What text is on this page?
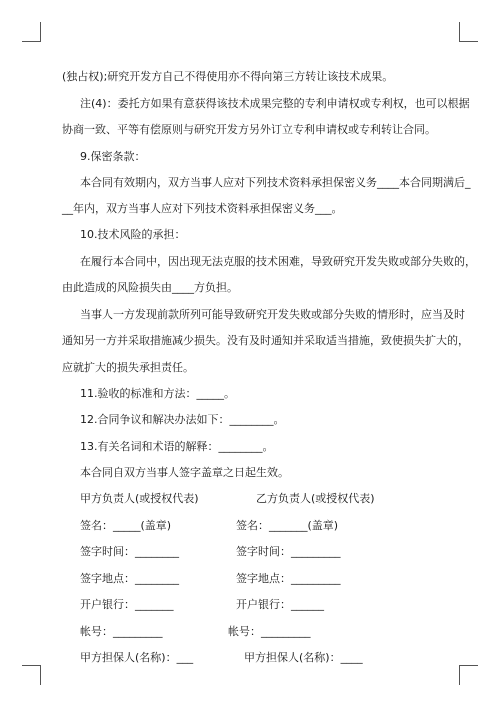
(独占权);研究开发方自己不得使用亦不得向第三方转让该技术成果。
注(4)：委托方如果有意获得该技术成果完整的专利申请权或专利权，也可以根据
协商一致、平等有偿原则与研究开发方另外订立专利申请权或专利转让合同。
9.保密条款：
本合同有效期内，双方当事人应对下列技术资料承担保密义务____本合同期满后_
__年内，双方当事人应对下列技术资料承担保密义务___。
10.技术风险的承担：
在履行本合同中，因出现无法克服的技术困难，导致研究开发失败或部分失败的，
由此造成的风险损失由____方负担。
当事人一方发现前款所列可能导致研究开发失败或部分失败的情形时，应当及时
通知另一方并采取措施减少损失。没有及时通知并采取适当措施，致使损失扩大的，
应就扩大的损失承担责任。
11.验收的标准和方法：_____。
12.合同争议和解决办法如下：________。
13.有关名词和术语的解释：________。
本合同自双方当事人签字盖章之日起生效。
甲方负责人(或授权代表)
签名：_____(盖章)
签字时间：________
签字地点：________
开户银行：_______
帐号：_________
甲方担保人(名称)：___
乙方负责人(或授权代表)
签名：_______(盖章)
签字时间：_________
签字地点：_________
开户银行：______
帐号：_________
甲方担保人(名称)：____
